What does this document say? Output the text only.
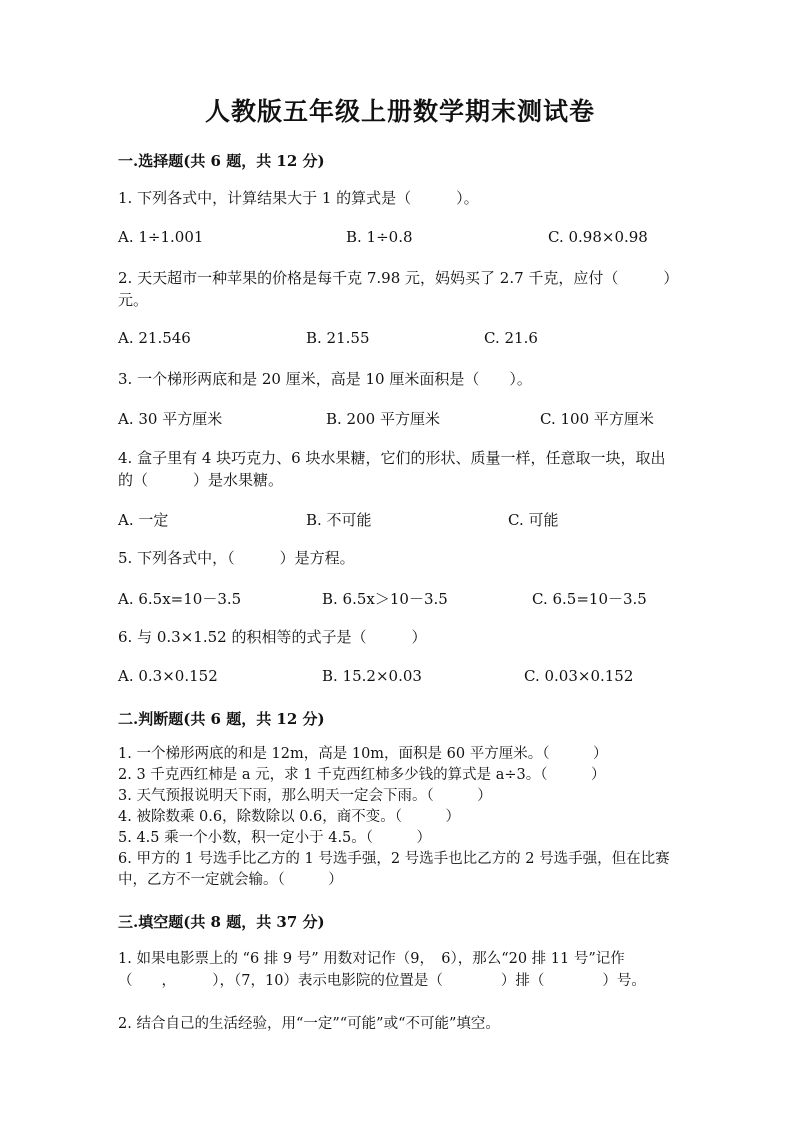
人教版五年级上册数学期末测试卷
一.选择题(共 6 题，共 12 分)
1. 下列各式中，计算结果大于 1 的算式是（　　　）。
A. 1÷1.001	B. 1÷0.8	C. 0.98×0.98
2. 天天超市一种苹果的价格是每千克 7.98 元，妈妈买了 2.7 千克，应付（　　　）元。
A. 21.546	B. 21.55	C. 21.6
3. 一个梯形两底和是 20 厘米，高是 10 厘米面积是（　　）。
A. 30 平方厘米	B. 200 平方厘米	C. 100 平方厘米
4. 盒子里有 4 块巧克力、6 块水果糖，它们的形状、质量一样，任意取一块，取出的（　　　）是水果糖。
A. 一定	B. 不可能	C. 可能
5. 下列各式中，（　　　）是方程。
A. 6.5x=10－3.5	B. 6.5x＞10－3.5	C. 6.5=10－3.5
6. 与 0.3×1.52 的积相等的式子是（　　　）
A. 0.3×0.152	B. 15.2×0.03	C. 0.03×0.152
二.判断题(共 6 题，共 12 分)
1. 一个梯形两底的和是 12m，高是 10m，面积是 60 平方厘米。（　　　）
2. 3 千克西红柿是 a 元，求 1 千克西红柿多少钱的算式是 a÷3。（　　　）
3. 天气预报说明天下雨，那么明天一定会下雨。（　　　）
4. 被除数乘 0.6，除数除以 0.6，商不变。（　　　）
5. 4.5 乘一个小数，积一定小于 4.5。（　　　）
6. 甲方的 1 号选手比乙方的 1 号选手强，2 号选手也比乙方的 2 号选手强，但在比赛中，乙方不一定就会输。（　　　）
三.填空题(共 8 题，共 37 分)
1. 如果电影票上的 “6 排 9 号” 用数对记作（9，　6），那么“20 排 11 号”记作（　　，　　　），（7，10）表示电影院的位置是（　　　　）排（　　　　）号。
2. 结合自己的生活经验，用“一定”“可能”或“不可能”填空。
